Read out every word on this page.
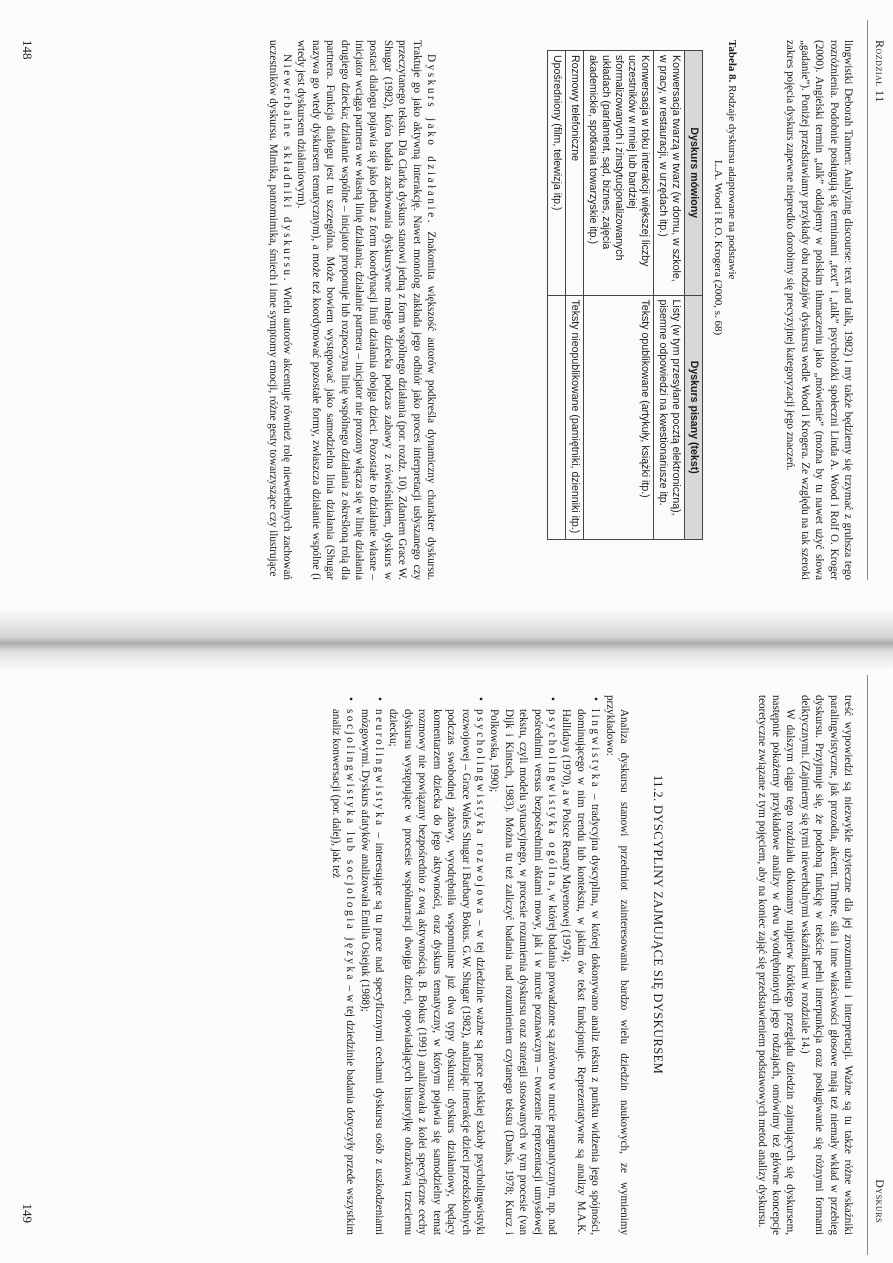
Rozdział 11

lingwistki Deborah Tannen: Analyzing discourse: text and talk, 1982) i my także będziemy się trzymać z grubsza tego rozróżnienia. Podobnie posługują się terminami „text” i „talk” psycholożki społeczni Linda A. Wood i Rolf O. Kroger (2000). Angielski termin „talk” oddajemy w polskim tłumaczeniu jako „mówienie” (można by tu nawet użyć słowa „gadanie”). Poniżej przedstawiamy przykłady obu rodzajów dyskursu wedle Wood i Krogera. Ze względu na tak szeroki zakres pojęcia dyskurs zapewne niepredko dorobimy się precyzyjnej kategoryzacji jego znaczeń.

Tabela 8. Rodzaje dyskursu adaptowane na podstawie
L.A. Wood i R.O. Krogera (2000, s. 68)
Dyskurs mówiony	Dyskurs pisany (tekst)
Konwersacja twarzą w twarz (w domu, w szkole, w pracy, w restauracji, w urzędach itp.)	Listy (w tym przesyłane pocztą elektroniczną), pisemne odpowiedzi na kwestionariusze itp.
Konwersacja w toku interakcji większej liczby uczestników w mniej lub bardziej sformalizowanych i zinstytucjonalizowanych układach (parlament, sąd, biznes, zajęcia akademickie, spotkania towarzyskie itp.)	Teksty opublikowane (artykuły, książki itp.)
Rozmowy telefoniczne	Teksty nieopublikowane (pamiętniki, dzienniki itp.)
Upośredniony (film, telewizja itp.)	

Dyskurs jako działanie. Znakomita większość autorów podkreśla dynamiczny charakter dyskursu. Traktuje go jako aktywną interakcję. Nawet monolog zakłada jego odbiór jako proces interpretacji usłyszanego czy przeczytanego tekstu. Dla Clarka dyskurs stanowi jedną z form wspólnego działania (por. rozdz. 10). Zdaniem Grace W. Shugar (1982), która badała zachowania dyskursywne małego dziecka podczas zabawy z rówieśnikiem, dyskurs w postaci dialogu pojawia się jako jedna z form koordynacji linii działania obojga dzieci. Pozostałe to działanie własne – inicjator wciąga partnera we własną linię działania; działanie partnera – inicjator nie prozony włącza się w linię działania drugiego dziecka; działanie wspólne – inicjator proponuje lub rozpoczyna linię wspólnego działania z określoną rolą dla partnera. Funkcja dialogu jest tu szczególna. Może bowiem występować jako samodzielna linia działania (Shugar nazywa go wtedy dyskursem tematycznym), a może też koordynować pozostałe formy, zwłaszcza działanie wspólne (i wtedy jest dyskursem działaniowym).

Niewerbalne składniki dyskursu. Wielu autorów akcentuje również rolę niewerbalnych zachowań uczestników dyskursu. Mimika, pantomimika, śmiech i inne symptomy emocji, różne gesty towarzyszące czy ilustrujące

148
Dyskurs

treść wypowiedzi są niezwykle użyteczne dla jej zrozumienia i interpretacji. Ważne są tu także różne wskaźniki paralingwistyczne, jak prozodia, akcent. Timbre, siła i inne właściwości głosowe mają też niemały wkład w przebieg dyskursu. Przyjmuje się, że podobną funkcję w tekście pełni interpunkcja oraz posługiwanie się różnymi formami deiktycznymi. (Zajmiemy się tymi niewerbalnymi wskaźnikami w rozdziale 14.)

W dalszym ciągu tego rozdziału dokonamy najpierw krótkiego przeglądu dziedzin zajmujących się dyskursem, następnie pokażemy przykładowe analizy w dwu wyodrębnionych jego rodzajach, omówimy też główne koncepcje teoretyczne związane z tym pojęciem, aby na koniec zająć się przedstawieniem podstawowych metod analizy dyskursu.

11.2. DYSCYPLINY ZAJMUJĄCE SIĘ DYSKURSEM

Analiza dyskursu stanowi przedmiot zainteresowania bardzo wielu dziedzin naukowych, ze wymienimy przykładowo:

• lingwistyka – tradycyjna dyscyplina, w której dokonywano analiz tekstu z punktu widzenia jego spójności, dominującego w nim trendu lub kontekstu, w jakim ów tekst funkcjonuje. Reprezentatywne są analizy M.A.K. Hallidaya (1970), a w Polsce Renaty Mayenowej (1974);
• psycholingwistyka ogólna, w której badania prowadzone są zarówno w nurcie pragmatycznym, np. nad pośrednimi versus bezpośrednimi aktami mowy, jak i w nurcie poznawczym – tworzenie reprezentacji umysłowej tekstu, czyli modelu sytuacyjnego, w procesie rozumienia dyskursu oraz strategii stosowanych w tym procesie (van Dijk i Kintsch, 1983). Można tu też zaliczyć badania nad rozumieniem czytanego tekstu (Danks, 1978; Kurcz i Polkowska, 1990);
• psycholingwistyka rozwojowa – w tej dziedzinie ważne są prace polskiej szkoły psycholingwistyki rozwojowej – Grace Wales Shugar i Barbary Bokus. G.W. Shugar (1982), analizując interakcje dzieci przedszkolnych podczas swobodnej zabawy, wyodrębniła wspomniane już dwa typy dyskursu: dyskurs działaniowy, będący komentarzem dziecka do jego aktywności, oraz dyskurs tematyczny, w którym pojawia się samodzielny temat rozmowy nie powiązany bezpośrednio z ową aktywnością. B. Bokus (1991) analizowała z kolei specyficzne cechy dyskursu występujące w procesie współnarracji dwojga dzieci, opowiadających historyjkę obrazkową trzeciemu dziecku;
• neurolingwistyka – interesujące są tu prace nad specyficznymi cechami dyskursu osób z uszkodzeniami mózgowymi. Dyskurs afatyków analizowała Emilia Osiejuk (1988);
• socjolingwistyka lub socjologia języka – w tej dziedzinie badania dotyczyły przede wszystkim analiz konwersacji (por. dalej), jak też
149
